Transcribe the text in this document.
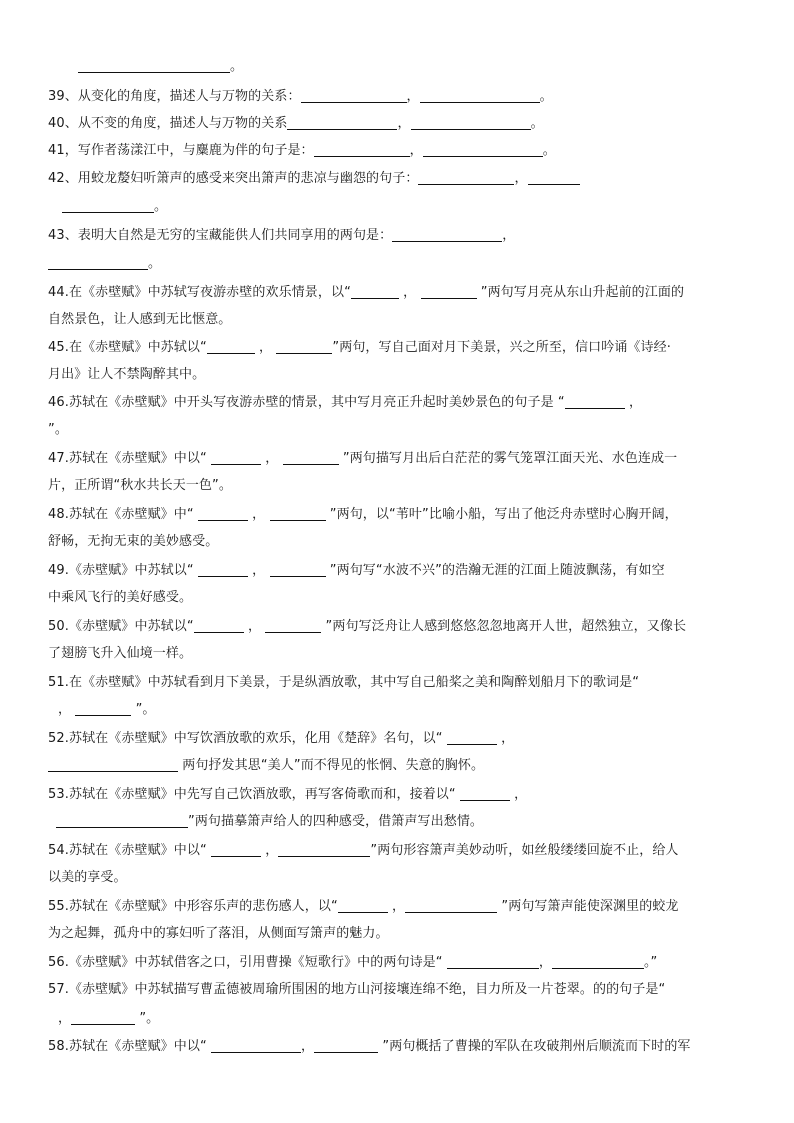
。
39、从变化的角度，描述人与万物的关系：	，	。
40、从不变的角度，描述人与万物的关系	，	。
41，写作者荡漾江中，与麋鹿为伴的句子是：	，	。
42、用蛟龙嫠妇听箫声的感受来突出箫声的悲凉与幽怨的句子：	，
。
43、表明大自然是无穷的宝藏能供人们共同享用的两句是：	，
。
44.在《赤壁赋》中苏轼写夜游赤壁的欢乐情景，以“	，	”两句写月亮从东山升起前的江面的
自然景色，让人感到无比惬意。
45.在《赤壁赋》中苏轼以“	，	”两句，写自己面对月下美景，兴之所至，信口吟诵《诗经·
月出》让人不禁陶醉其中。
46.苏轼在《赤壁赋》中开头写夜游赤壁的情景，其中写月亮正升起时美妙景色的句子是 “	，
”。
47.苏轼在《赤壁赋》中以“	，	”两句描写月出后白茫茫的雾气笼罩江面天光、水色连成一
片，正所谓“秋水共长天一色”。
48.苏轼在《赤壁赋》中“	，	”两句，以“苇叶”比喻小船，写出了他泛舟赤壁时心胸开阔，
舒畅，无拘无束的美妙感受。
49.《赤壁赋》中苏轼以“	，	”两句写“水波不兴”的浩瀚无涯的江面上随波飘荡，有如空
中乘风飞行的美好感受。
50.《赤壁赋》中苏轼以“	，	”两句写泛舟让人感到悠悠忽忽地离开人世，超然独立，又像长
了翅膀飞升入仙境一样。
51.在《赤壁赋》中苏轼看到月下美景，于是纵酒放歌，其中写自己船桨之美和陶醉划船月下的歌词是“
，	”。
52.苏轼在《赤壁赋》中写饮酒放歌的欢乐，化用《楚辞》名句，以“	，
两句抒发其思“美人”而不得见的怅惘、失意的胸怀。
53.苏轼在《赤壁赋》中先写自己饮酒放歌，再写客倚歌而和，接着以“	，
”两句描摹箫声给人的四种感受，借箫声写出愁情。
54.苏轼在《赤壁赋》中以“	，	”两句形容箫声美妙动听，如丝般缕缕回旋不止，给人
以美的享受。
55.苏轼在《赤壁赋》中形容乐声的悲伤感人，以“	，	”两句写箫声能使深渊里的蛟龙
为之起舞，孤舟中的寡妇听了落泪，从侧面写箫声的魅力。
56.《赤壁赋》中苏轼借客之口，引用曹操《短歌行》中的两句诗是“	，	。”
57.《赤壁赋》中苏轼描写曹孟德被周瑜所围困的地方山河接壤连绵不绝，目力所及一片苍翠。的的句子是“
，	”。
58.苏轼在《赤壁赋》中以“	，	”两句概括了曹操的军队在攻破荆州后顺流而下时的军
